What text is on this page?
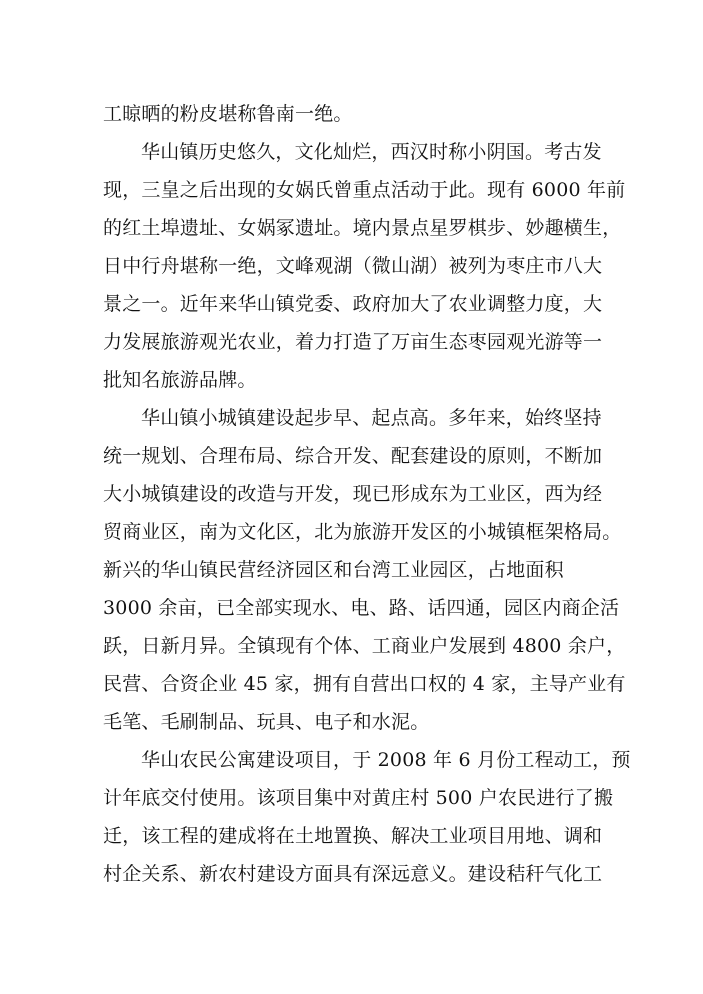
工晾晒的粉皮堪称鲁南一绝。
华山镇历史悠久，文化灿烂，西汉时称小阴国。考古发
现，三皇之后出现的女娲氏曾重点活动于此。现有 6000 年前
的红土埠遗址、女娲冢遗址。境内景点星罗棋步、妙趣横生，
日中行舟堪称一绝，文峰观湖（微山湖）被列为枣庄市八大
景之一。近年来华山镇党委、政府加大了农业调整力度，大
力发展旅游观光农业，着力打造了万亩生态枣园观光游等一
批知名旅游品牌。
华山镇小城镇建设起步早、起点高。多年来，始终坚持
统一规划、合理布局、综合开发、配套建设的原则，不断加
大小城镇建设的改造与开发，现已形成东为工业区，西为经
贸商业区，南为文化区，北为旅游开发区的小城镇框架格局。
新兴的华山镇民营经济园区和台湾工业园区，占地面积
3000 余亩，已全部实现水、电、路、话四通，园区内商企活
跃，日新月异。全镇现有个体、工商业户发展到 4800 余户，
民营、合资企业 45 家，拥有自营出口权的 4 家，主导产业有
毛笔、毛刷制品、玩具、电子和水泥。
华山农民公寓建设项目，于 2008 年 6 月份工程动工，预
计年底交付使用。该项目集中对黄庄村 500 户农民进行了搬
迁，该工程的建成将在土地置换、解决工业项目用地、调和
村企关系、新农村建设方面具有深远意义。建设秸秆气化工
